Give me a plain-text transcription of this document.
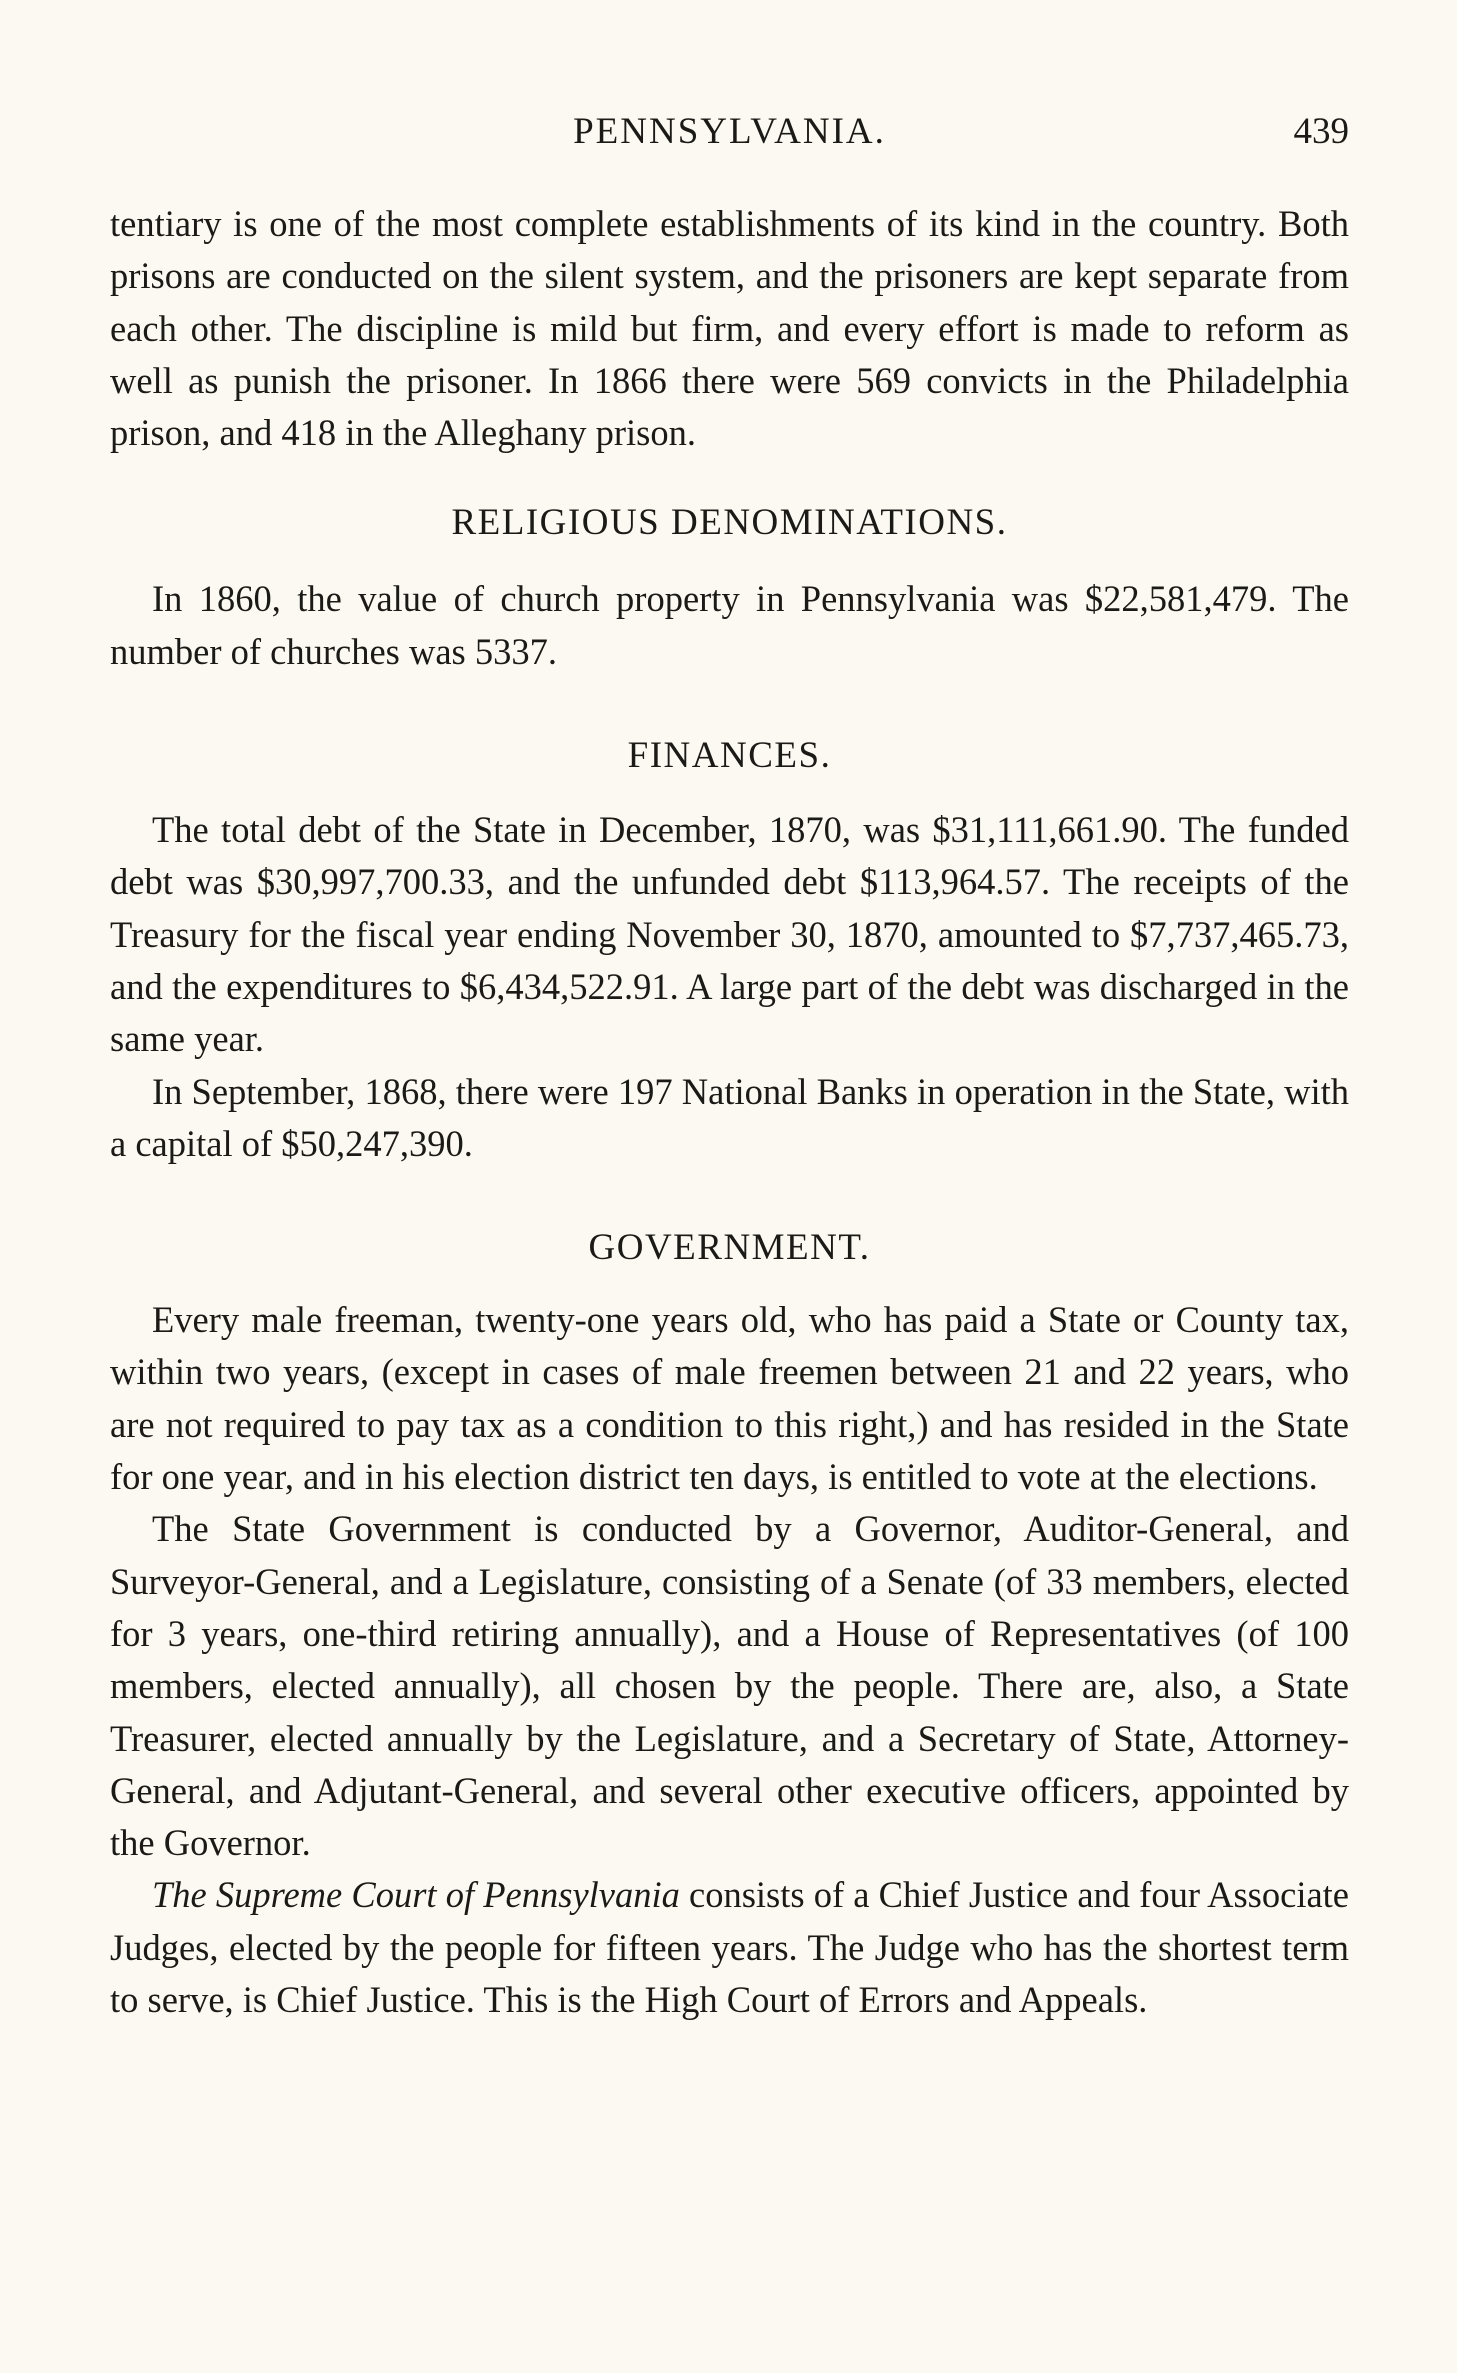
PENNSYLVANIA.	439

tentiary is one of the most complete establishments of its kind in the country. Both prisons are conducted on the silent system, and the prisoners are kept separate from each other. The discipline is mild but firm, and every effort is made to reform as well as punish the prisoner. In 1866 there were 569 convicts in the Philadelphia prison, and 418 in the Alleghany prison.

RELIGIOUS DENOMINATIONS.

In 1860, the value of church property in Pennsylvania was $22,581,479. The number of churches was 5337.

FINANCES.

The total debt of the State in December, 1870, was $31,111,661.90. The funded debt was $30,997,700.33, and the unfunded debt $113,964.57. The receipts of the Treasury for the fiscal year ending November 30, 1870, amounted to $7,737,465.73, and the expenditures to $6,434,522.91. A large part of the debt was discharged in the same year.

In September, 1868, there were 197 National Banks in operation in the State, with a capital of $50,247,390.

GOVERNMENT.

Every male freeman, twenty-one years old, who has paid a State or County tax, within two years, (except in cases of male freemen between 21 and 22 years, who are not required to pay tax as a condition to this right,) and has resided in the State for one year, and in his election district ten days, is entitled to vote at the elections.

The State Government is conducted by a Governor, Auditor-General, and Surveyor-General, and a Legislature, consisting of a Senate (of 33 members, elected for 3 years, one-third retiring annually), and a House of Representatives (of 100 members, elected annually), all chosen by the people. There are, also, a State Treasurer, elected annually by the Legislature, and a Secretary of State, Attorney-General, and Adjutant-General, and several other executive officers, appointed by the Governor.

The Supreme Court of Pennsylvania consists of a Chief Justice and four Associate Judges, elected by the people for fifteen years. The Judge who has the shortest term to serve, is Chief Justice. This is the High Court of Errors and Appeals.
